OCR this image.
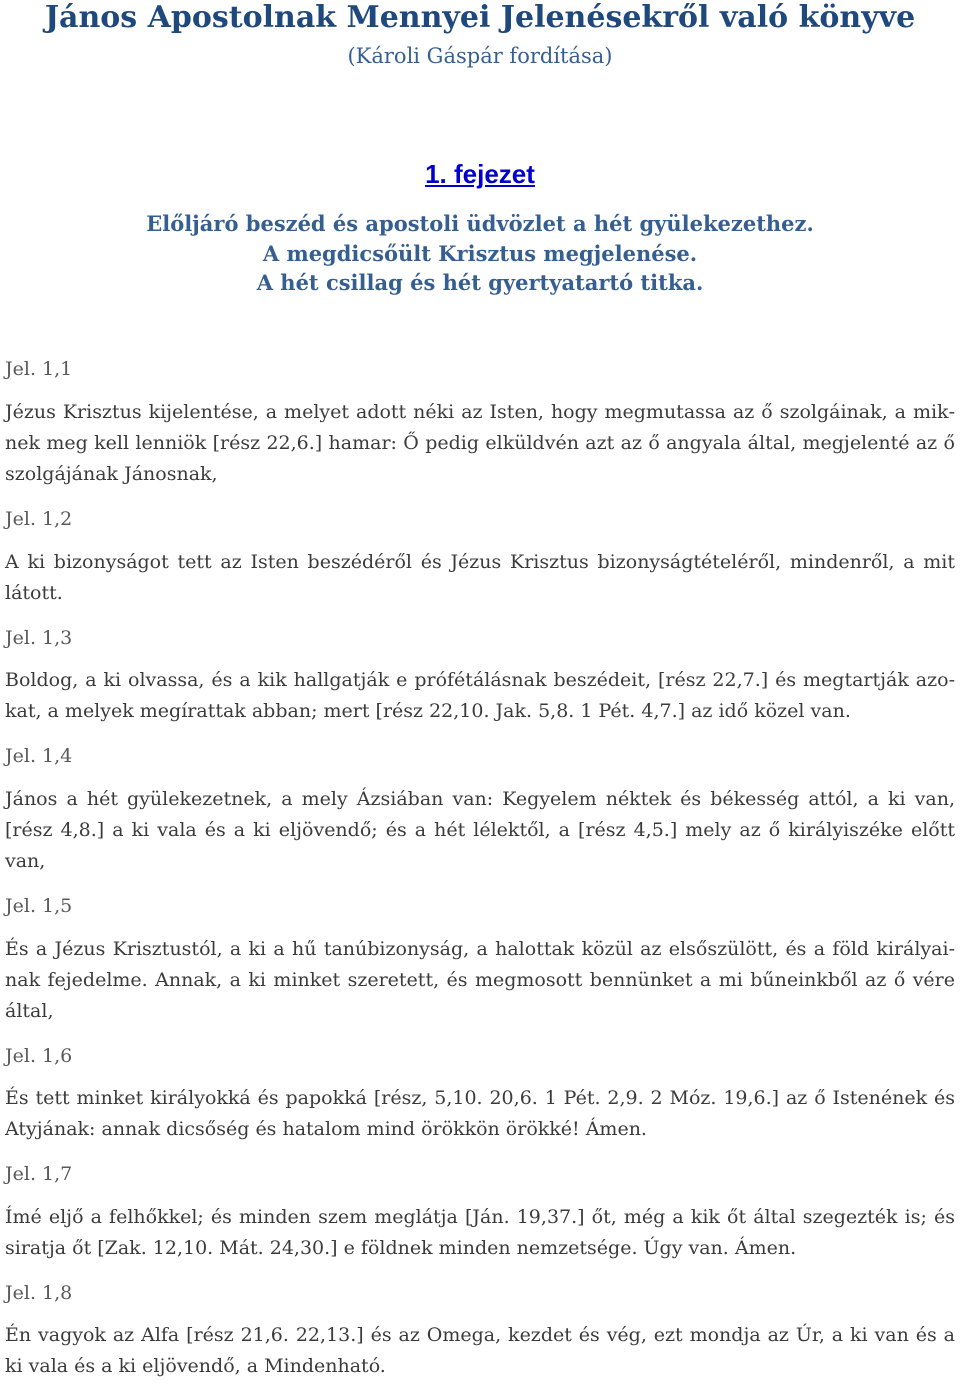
János Apostolnak Mennyei Jelenésekről való könyve
(Károli Gáspár fordítása)
1. fejezet
Előljáró beszéd és apostoli üdvözlet a hét gyülekezethez.
A megdicsőült Krisztus megjelenése.
A hét csillag és hét gyertyatartó titka.
Jel. 1,1

Jézus Krisztus kijelentése, a melyet adott néki az Isten, hogy megmutassa az ő szolgáinak, a miknek meg kell lenniök [rész 22,6.] hamar: Ő pedig elküldvén azt az ő angyala által, megjelenté az ő szolgájának Jánosnak,

Jel. 1,2

A ki bizonyságot tett az Isten beszédéről és Jézus Krisztus bizonyságtételéről, mindenről, a mit látott.

Jel. 1,3

Boldog, a ki olvassa, és a kik hallgatják e prófétálásnak beszédeit, [rész 22,7.] és megtartják azokat, a melyek megírattak abban; mert [rész 22,10. Jak. 5,8. 1 Pét. 4,7.] az idő közel van.

Jel. 1,4

János a hét gyülekezetnek, a mely Ázsiában van: Kegyelem néktek és békesség attól, a ki van, [rész 4,8.] a ki vala és a ki eljövendő; és a hét lélektől, a [rész 4,5.] mely az ő királyiszéke előtt van,

Jel. 1,5

És a Jézus Krisztustól, a ki a hű tanúbizonyság, a halottak közül az elsőszülött, és a föld királyainak fejedelme. Annak, a ki minket szeretett, és megmosott bennünket a mi bűneinkből az ő vére által,

Jel. 1,6

És tett minket királyokká és papokká [rész, 5,10. 20,6. 1 Pét. 2,9. 2 Móz. 19,6.] az ő Istenének és Atyjának: annak dicsőség és hatalom mind örökkön örökké! Ámen.

Jel. 1,7

Ímé eljő a felhőkkel; és minden szem meglátja [Ján. 19,37.] őt, még a kik őt által szegezték is; és siratja őt [Zak. 12,10. Mát. 24,30.] e földnek minden nemzetsége. Úgy van. Ámen.

Jel. 1,8

Én vagyok az Alfa [rész 21,6. 22,13.] és az Omega, kezdet és vég, ezt mondja az Úr, a ki van és a ki vala és a ki eljövendő, a Mindenható.
